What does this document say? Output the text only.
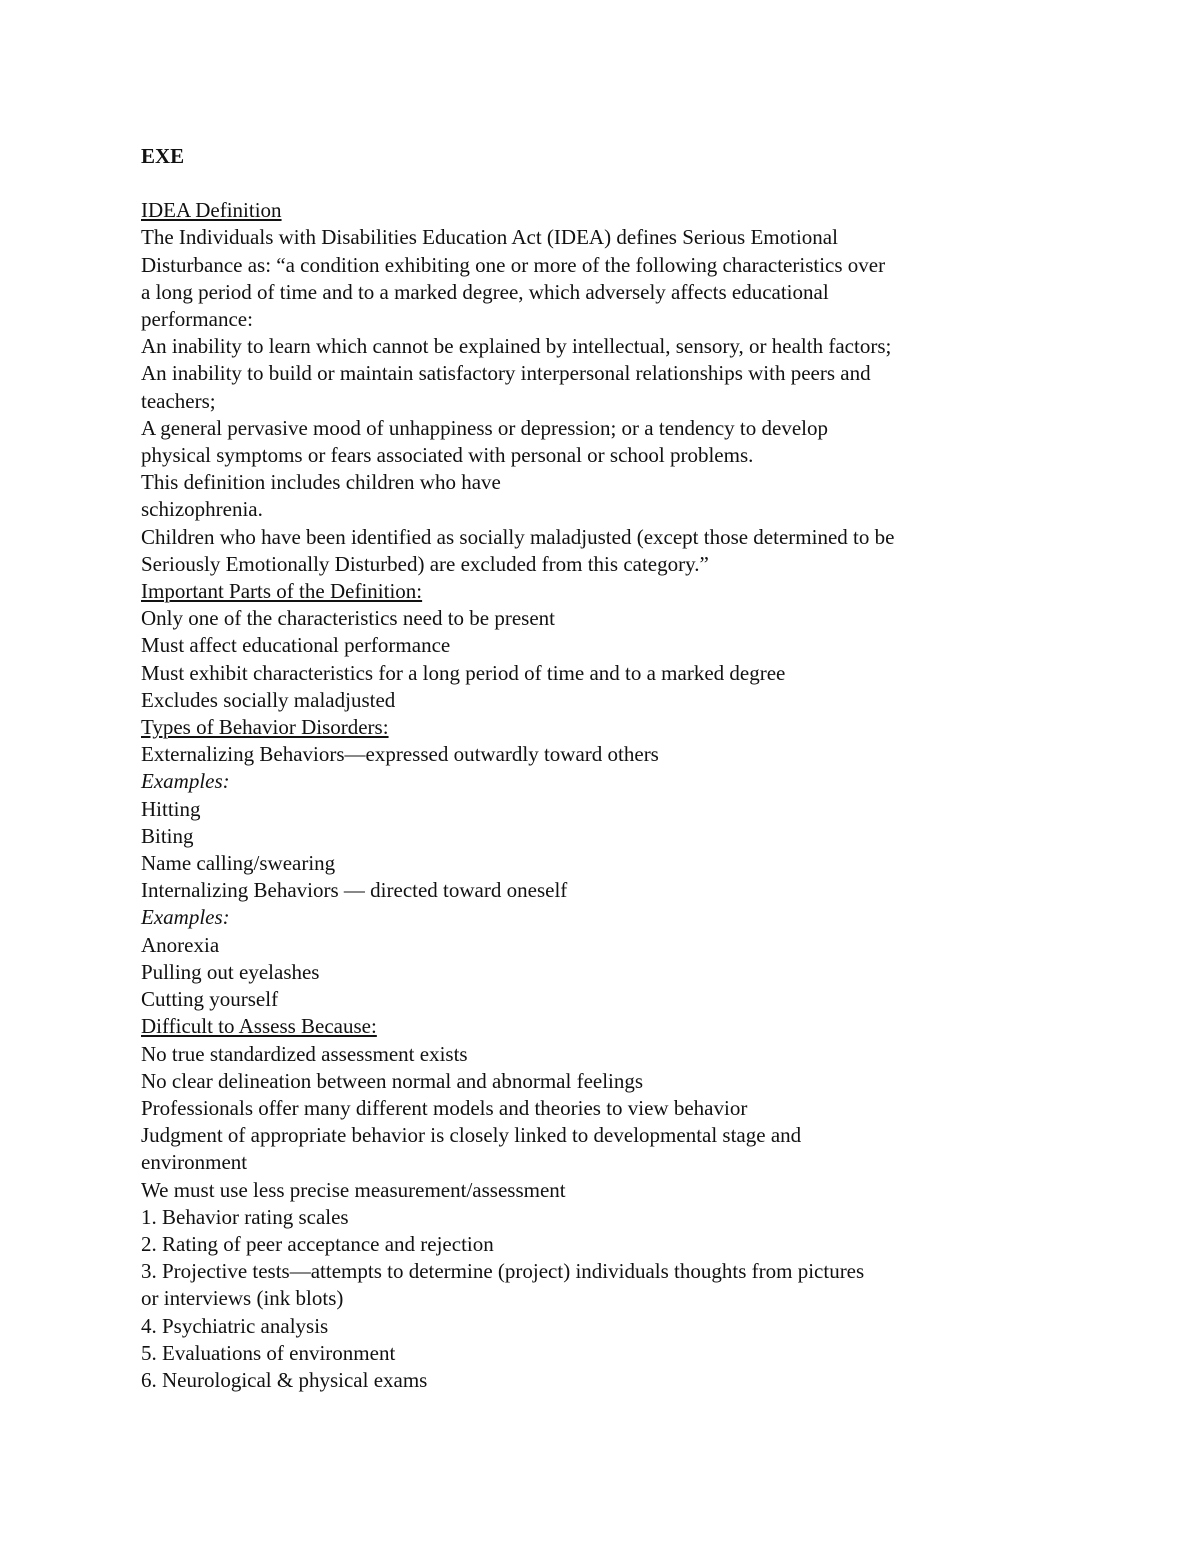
EXE

IDEA Definition

The Individuals with Disabilities Education Act (IDEA) defines Serious Emotional

Disturbance as: “a condition exhibiting one or more of the following characteristics over

a long period of time and to a marked degree, which adversely affects educational

performance:

An inability to learn which cannot be explained by intellectual, sensory, or health factors;

An inability to build or maintain satisfactory interpersonal relationships with peers and

teachers;

A general pervasive mood of unhappiness or depression; or a tendency to develop

physical symptoms or fears associated with personal or school problems.

This definition includes children who have

schizophrenia.

Children who have been identified as socially maladjusted (except those determined to be

Seriously Emotionally Disturbed) are excluded from this category.”

Important Parts of the Definition:

Only one of the characteristics need to be present

Must affect educational performance

Must exhibit characteristics for a long period of time and to a marked degree

Excludes socially maladjusted

Types of Behavior Disorders:

Externalizing Behaviors—expressed outwardly toward others

Examples:

Hitting

Biting

Name calling/swearing

Internalizing Behaviors — directed toward oneself

Examples:

Anorexia

Pulling out eyelashes

Cutting yourself

Difficult to Assess Because:

No true standardized assessment exists

No clear delineation between normal and abnormal feelings

Professionals offer many different models and theories to view behavior

Judgment of appropriate behavior is closely linked to developmental stage and

environment

We must use less precise measurement/assessment

1. Behavior rating scales

2. Rating of peer acceptance and rejection

3. Projective tests—attempts to determine (project) individuals thoughts from pictures

or interviews (ink blots)

4. Psychiatric analysis

5. Evaluations of environment

6. Neurological & physical exams
